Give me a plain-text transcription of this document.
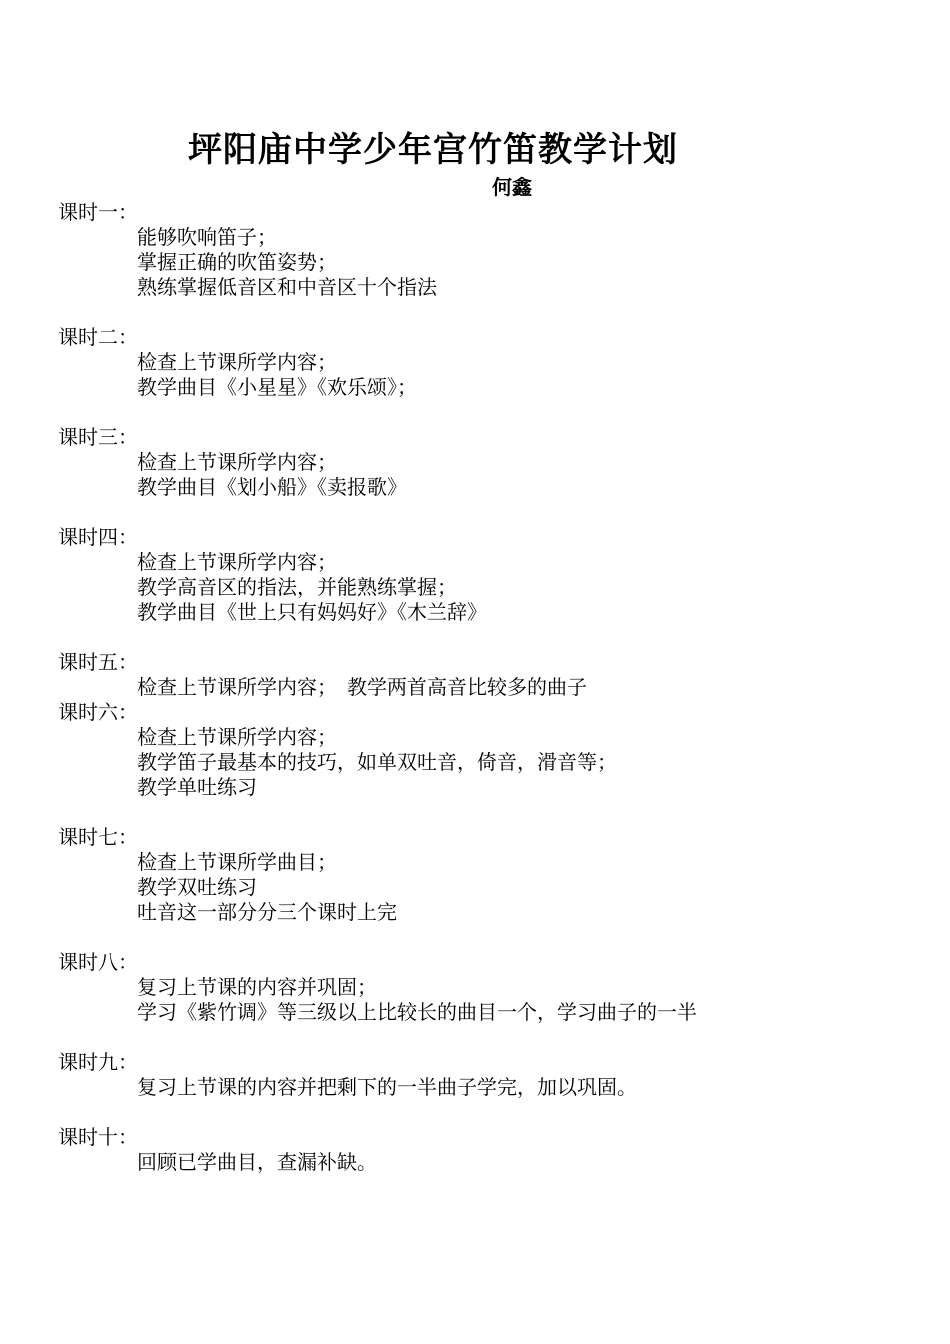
坪阳庙中学少年宫竹笛教学计划
何鑫
课时一：
能够吹响笛子；
掌握正确的吹笛姿势；
熟练掌握低音区和中音区十个指法
课时二：
检查上节课所学内容；
教学曲目《小星星》《欢乐颂》；
课时三：
检查上节课所学内容；
教学曲目《划小船》《卖报歌》
课时四：
检查上节课所学内容；
教学高音区的指法，并能熟练掌握；
教学曲目《世上只有妈妈好》《木兰辞》
课时五：
检查上节课所学内容；　教学两首高音比较多的曲子
课时六：
检查上节课所学内容；
教学笛子最基本的技巧，如单双吐音，倚音，滑音等；
教学单吐练习
课时七：
检查上节课所学曲目；
教学双吐练习
吐音这一部分分三个课时上完
课时八：
复习上节课的内容并巩固；
学习《紫竹调》等三级以上比较长的曲目一个，学习曲子的一半
课时九：
复习上节课的内容并把剩下的一半曲子学完，加以巩固。
课时十：
回顾已学曲目，查漏补缺。
